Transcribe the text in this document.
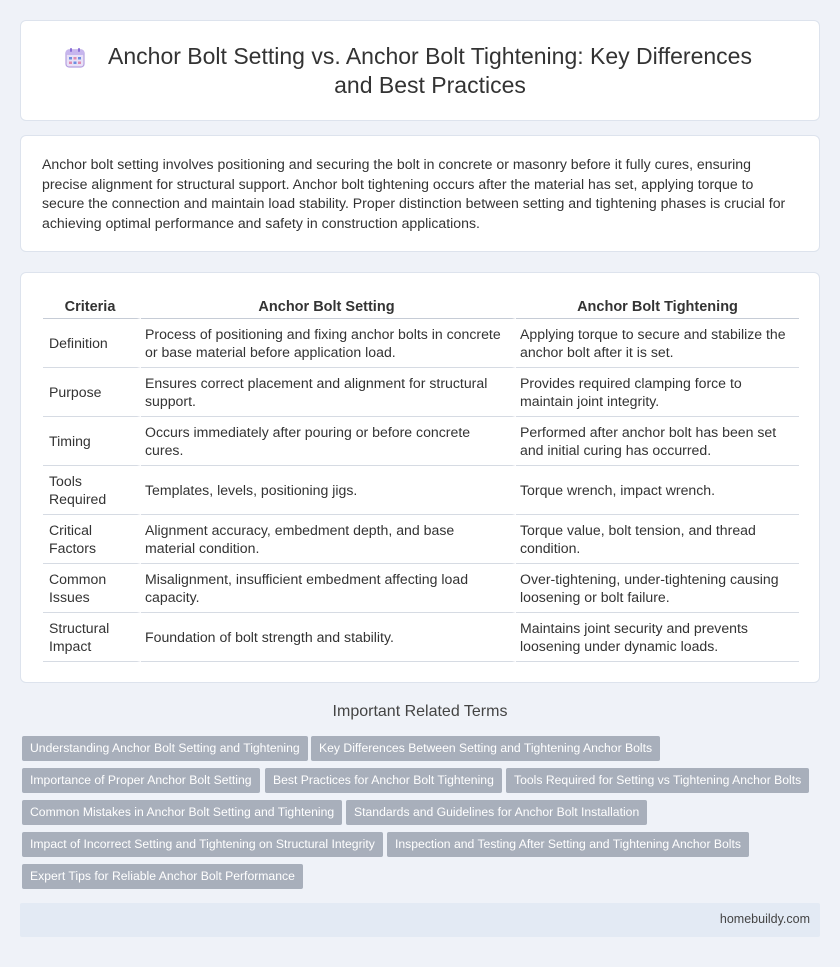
Anchor Bolt Setting vs. Anchor Bolt Tightening: Key Differences and Best Practices

Anchor bolt setting involves positioning and securing the bolt in concrete or masonry before it fully cures, ensuring precise alignment for structural support. Anchor bolt tightening occurs after the material has set, applying torque to secure the connection and maintain load stability. Proper distinction between setting and tightening phases is crucial for achieving optimal performance and safety in construction applications.

Criteria	Anchor Bolt Setting	Anchor Bolt Tightening
Definition	Process of positioning and fixing anchor bolts in concrete or base material before application load.	Applying torque to secure and stabilize the anchor bolt after it is set.
Purpose	Ensures correct placement and alignment for structural support.	Provides required clamping force to maintain joint integrity.
Timing	Occurs immediately after pouring or before concrete cures.	Performed after anchor bolt has been set and initial curing has occurred.
Tools Required	Templates, levels, positioning jigs.	Torque wrench, impact wrench.
Critical Factors	Alignment accuracy, embedment depth, and base material condition.	Torque value, bolt tension, and thread condition.
Common Issues	Misalignment, insufficient embedment affecting load capacity.	Over-tightening, under-tightening causing loosening or bolt failure.
Structural Impact	Foundation of bolt strength and stability.	Maintains joint security and prevents loosening under dynamic loads.
Important Related Terms
Understanding Anchor Bolt Setting and Tightening	Key Differences Between Setting and Tightening Anchor Bolts
Importance of Proper Anchor Bolt Setting	Best Practices for Anchor Bolt Tightening	Tools Required for Setting vs Tightening Anchor Bolts
Common Mistakes in Anchor Bolt Setting and Tightening	Standards and Guidelines for Anchor Bolt Installation
Impact of Incorrect Setting and Tightening on Structural Integrity	Inspection and Testing After Setting and Tightening Anchor Bolts
Expert Tips for Reliable Anchor Bolt Performance
homebuildy.com
